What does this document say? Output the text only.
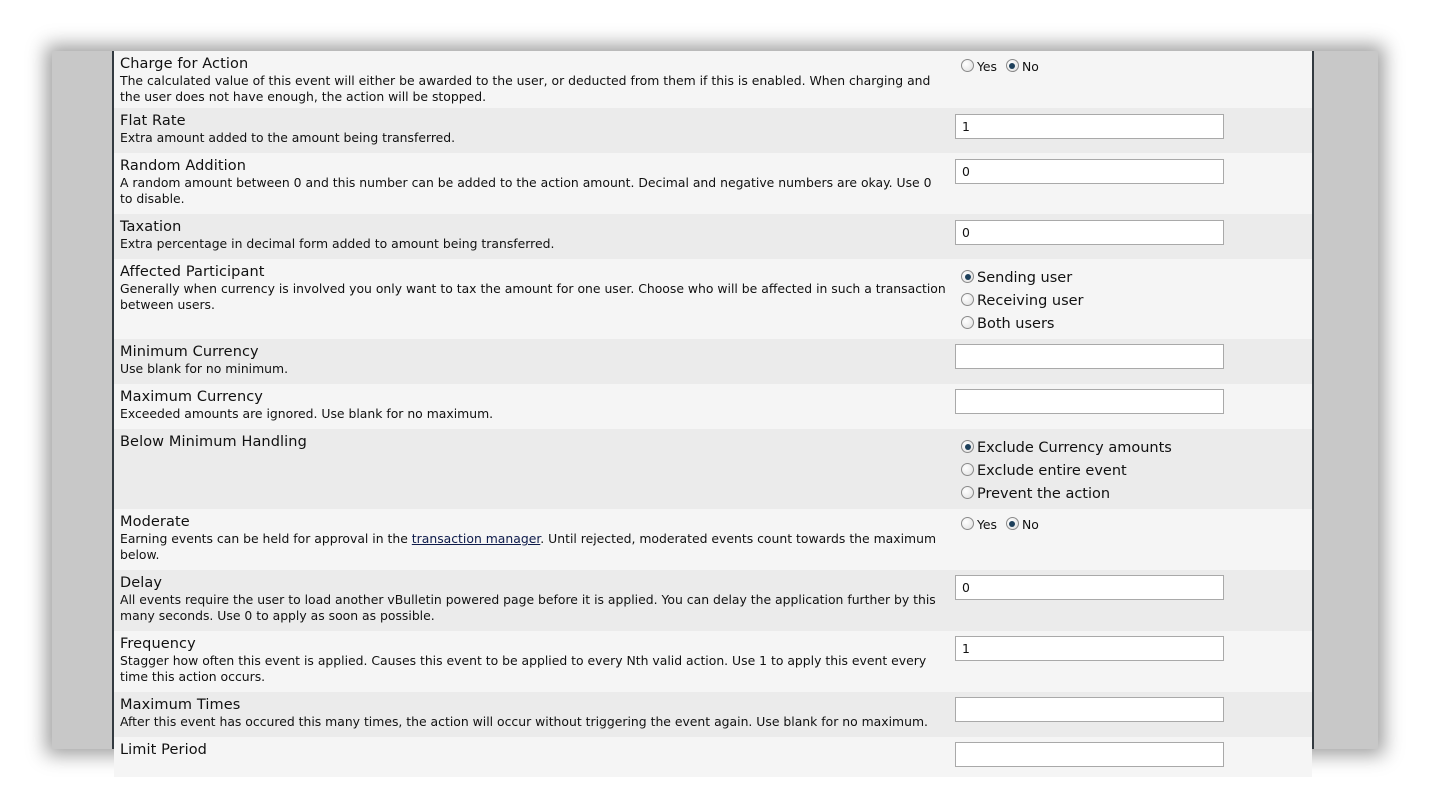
Charge for Action
The calculated value of this event will either be awarded to the user, or deducted from them if this is enabled. When charging and the user does not have enough, the action will be stopped.
Yes
No
Flat Rate
Extra amount added to the amount being transferred.
1
Random Addition
A random amount between 0 and this number can be added to the action amount. Decimal and negative numbers are okay. Use 0 to disable.
0
Taxation
Extra percentage in decimal form added to amount being transferred.
0
Affected Participant
Generally when currency is involved you only want to tax the amount for one user. Choose who will be affected in such a transaction between users.
Sending user
Receiving user
Both users
Minimum Currency
Use blank for no minimum.
Maximum Currency
Exceeded amounts are ignored. Use blank for no maximum.
Below Minimum Handling	Exclude Currency amounts
Exclude entire event
Prevent the action
Moderate
Earning events can be held for approval in the transaction manager. Until rejected, moderated events count towards the maximum below.
Yes
No
Delay
All events require the user to load another vBulletin powered page before it is applied. You can delay the application further by this many seconds. Use 0 to apply as soon as possible.
0
Frequency
Stagger how often this event is applied. Causes this event to be applied to every Nth valid action. Use 1 to apply this event every time this action occurs.
1
Maximum Times
After this event has occured this many times, the action will occur without triggering the event again. Use blank for no maximum.
Limit Period
